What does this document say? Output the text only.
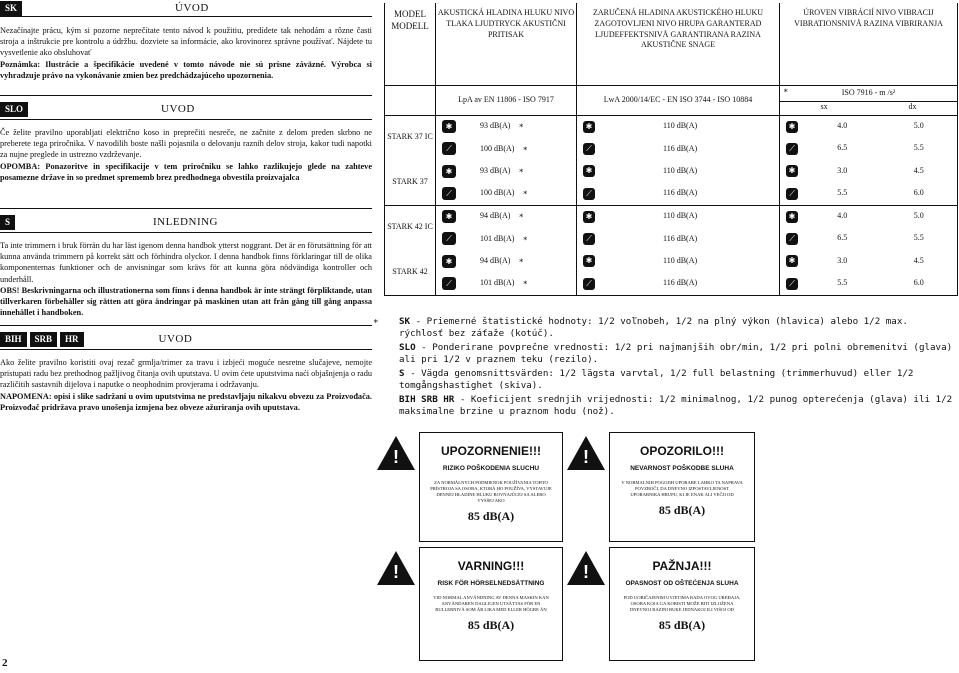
SK	ÚVOD

Nezačínajte prácu, kým si pozorne neprečítate tento návod k použitiu, predídete tak nehodám a rôzne časti stroja a inštrukcie pre kontrolu a údržbu. dozviete sa informácie, ako krovinorez správne používať. Nájdete tu vysvetlenie ako obsluhovať

Poznámka: Ilustrácie a špecifikácie uvedené v tomto návode nie sú prísne záväzné. Výrobca si vyhradzuje právo na vykonávanie zmien bez predchádzajúceho upozornenia.

SLO	UVOD

Če želite pravilno uporabljati električno koso in preprečiti nesreče, ne začnite z delom preden skrbno ne preberete tega priročnika. V navodilih boste našli pojasnila o delovanju raznih delov stroja, kakor tudi napotki za nujne preglede in ustrezno vzdrževanje.

OPOMBA: Ponazoritve in specifikacije v tem priročniku se lahko razlikujejo glede na zahteve posamezne države in so predmet sprememb brez predhodnega obvestila proizvajalca

S	INLEDNING

Ta inte trimmern i bruk förrän du har läst igenom denna handbok ytterst noggrant. Det är en förutsättning för att kunna använda trimmern på korrekt sätt och förhindra olyckor. I denna handbok finns förklaringar till de olika komponenternas funktioner och de anvisningar som krävs för att kunna göra nödvändiga kontroller och underhåll.

OBS! Beskrivningarna och illustrationerna som finns i denna handbok är inte strängt förpliktande, utan tillverkaren förbehåller sig rätten att göra ändringar på maskinen utan att från gång till gång anpassa innehållet i handboken.

BIH	SRB	HR	UVOD

Ako želite pravilno koristiti ovaj rezač grmlja/trimer za travu i izbjeći moguće nesretne slučajeve, nemojte pristupati radu bez prethodnog pažljivog čitanja ovih uputstava. U ovim ćete uputstvima naći objašnjenja o radu različitih sastavnih dijelova i naputke o neophodnim provjerama i održavanju.

NAPOMENA: opisi i slike sadržani u ovim uputstvima ne predstavljaju nikakvu obvezu za Proizvođača. Proizvođač pridržava pravo unošenja izmjena bez obveze ažuriranja ovih uputstava.

2
MODEL MODELL	AKUSTICKÁ HLADINA HLUKU NIVO TLAKA LJUDTRYCK AKUSTIČNI PRITISAK	ZARUČENÁ HLADINA AKUSTICKÉHO HLUKU ZAGOTOVLJENI NIVO HRUPA GARANTERAD LJUDEFFEKTSNIVÅ GARANTIRANA RAZINA AKUSTIČNE SNAGE	ÚROVEN VIBRÁCIÍ NIVO VIBRACIJ VIBRATIONSNIVÅ RAZINA VIBRIRANJA
	LpA av EN 11806 - ISO 7917	LwA 2000/14/EC - EN ISO 3744 - ISO 10884	∗ ISO 7916 - m /s²
sx dx

STARK 37 IC	✱ 93 dB(A) ∗	✱ 110 dB(A)	✱ 4.0 5.0

	⟋ 100 dB(A) ∗	⟋ 116 dB(A)	⟋ 6.5 5.5

STARK 37	✱ 93 dB(A) ∗	✱ 110 dB(A)	✱ 3.0 4.5

	⟋ 100 dB(A) ∗	⟋ 116 dB(A)	⟋ 5.5 6.0

STARK 42 IC	✱ 94 dB(A) ∗	✱ 110 dB(A)	✱ 4.0 5.0

	⟋ 101 dB(A) ∗	⟋ 116 dB(A)	⟋ 6.5 5.5

STARK 42	✱ 94 dB(A) ∗	✱ 110 dB(A)	✱ 3.0 4.5

	⟋ 101 dB(A) ∗	⟋ 116 dB(A)	⟋ 5.5 6.0
∗	SK - Priemerné štatistické hodnoty: 1/2 voľnobeh, 1/2 na plný výkon (hlavica) alebo 1/2 max. rýchlosť bez záťaže (kotúč).
SLO - Ponderirane povprečne vrednosti: 1/2 pri najmanjših obr/min, 1/2 pri polni obremenitvi (glava) ali pri 1/2 v praznem teku (rezilo).
S - Vägda genomsnittsvärden: 1/2 lägsta varvtal, 1/2 full belastning (trimmerhuvud) eller 1/2 tomgångshastighet (skiva).
BIH SRB HR - Koeficijent srednjih vrijednosti: 1/2 minimalnog, 1/2 punog opterećenja (glava) ili 1/2 maksimalne brzine u praznom hodu (nož).
!	UPOZORNENIE!!!
RIZIKO POŠKODENIA SLUCHU
ZA NORMÁLNYCH PODMIENOK POUŽÍVANIA TOHTO PRÍSTROJA SA OSOBA, KTORÁ HO POUŽÍVA, VYSTAVUJE DENNEJ HLADINE HLUKU ROVNAJÚCEJ SA ALEBO VYŠŠEJ AKO
85 dB(A)
!	OPOZORILO!!!
NEVARNOST POŠKODBE SLUHA
V NORMALNIH POGOJIH UPORABE LAHKO TA NAPRAVA POVZROČI, DA DNEVNO IZPOSTAVLJENOST UPORABNIKA HRUPU, KI JE ENAK ALI VEČJI OD
85 dB(A)
!	VARNING!!!
RISK FÖR HÖRSELNEDSÄTTNING
VID NORMAL ANVÄNDNING AV DENNA MASKIN KAN ANVÄNDAREN DAGLIGEN UTSÄTTAS FÖR EN BULLERNIVÅ SOM ÄR LIKA MED ELLER HÖGRE ÄN
85 dB(A)
!	PAŽNJA!!!
OPASNOST OD OŠTEĆENJA SLUHA
POD UOBIČAJENIM UVJETIMA RADA OVOG UREĐAJA, OSOBA KOJA GA KORISTI MOŽE BITI IZLOŽENA DNEVNOJ RAZINI BUKE JEDNAKOJ ILI VIŠOJ OD
85 dB(A)
